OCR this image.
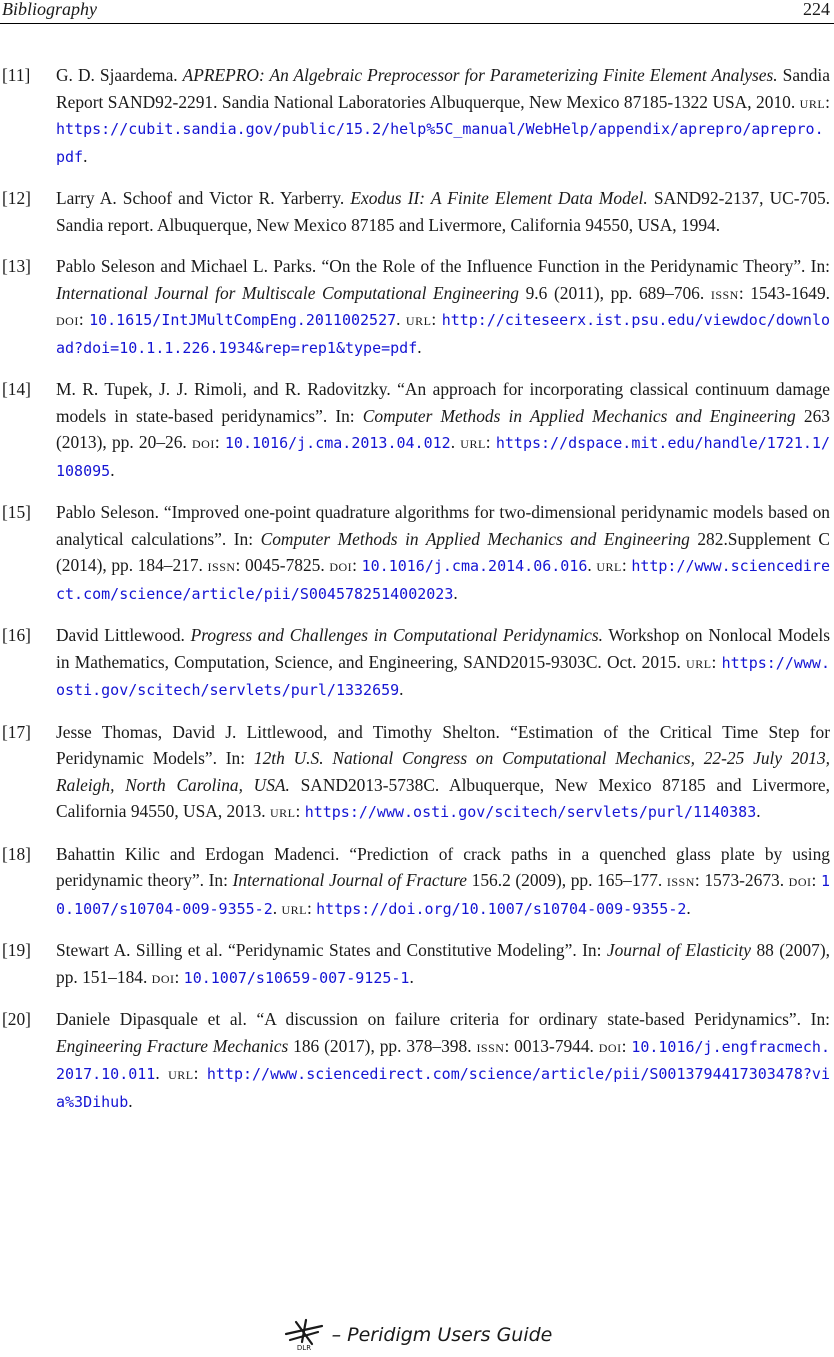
Bibliography	224
[11] G. D. Sjaardema. APREPRO: An Algebraic Preprocessor for Parameterizing Finite Element Analyses. Sandia Report SAND92-2291. Sandia National Laboratories Albuquerque, New Mexico 87185-1322 USA, 2010. url: https://cubit.sandia.gov/public/15.2/help%5C_manual/WebHelp/appendix/aprepro/aprepro.pdf.
[12] Larry A. Schoof and Victor R. Yarberry. Exodus II: A Finite Element Data Model. SAND92-2137, UC-705. Sandia report. Albuquerque, New Mexico 87185 and Livermore, California 94550, USA, 1994.
[13] Pablo Seleson and Michael L. Parks. “On the Role of the Influence Function in the Peridynamic Theory”. In: International Journal for Multiscale Computational Engineering 9.6 (2011), pp. 689–706. issn: 1543-1649. doi: 10.1615/IntJMultCompEng.2011002527. url: http://citeseerx.ist.psu.edu/viewdoc/download?doi=10.1.1.226.1934&rep=rep1&type=pdf.
[14] M. R. Tupek, J. J. Rimoli, and R. Radovitzky. “An approach for incorporating classical continuum damage models in state-based peridynamics”. In: Computer Methods in Applied Mechanics and Engineering 263 (2013), pp. 20–26. doi: 10.1016/j.cma.2013.04.012. url: https://dspace.mit.edu/handle/1721.1/108095.
[15] Pablo Seleson. “Improved one-point quadrature algorithms for two-dimensional peridynamic models based on analytical calculations”. In: Computer Methods in Applied Mechanics and Engineering 282.Supplement C (2014), pp. 184–217. issn: 0045-7825. doi: 10.1016/j.cma.2014.06.016. url: http://www.sciencedirect.com/science/article/pii/S0045782514002023.
[16] David Littlewood. Progress and Challenges in Computational Peridynamics. Workshop on Nonlocal Models in Mathematics, Computation, Science, and Engineering, SAND2015-9303C. Oct. 2015. url: https://www.osti.gov/scitech/servlets/purl/1332659.
[17] Jesse Thomas, David J. Littlewood, and Timothy Shelton. “Estimation of the Critical Time Step for Peridynamic Models”. In: 12th U.S. National Congress on Computational Mechanics, 22-25 July 2013, Raleigh, North Carolina, USA. SAND2013-5738C. Albuquerque, New Mexico 87185 and Livermore, California 94550, USA, 2013. url: https://www.osti.gov/scitech/servlets/purl/1140383.
[18] Bahattin Kilic and Erdogan Madenci. “Prediction of crack paths in a quenched glass plate by using peridynamic theory”. In: International Journal of Fracture 156.2 (2009), pp. 165–177. issn: 1573-2673. doi: 10.1007/s10704-009-9355-2. url: https://doi.org/10.1007/s10704-009-9355-2.
[19] Stewart A. Silling et al. “Peridynamic States and Constitutive Modeling”. In: Journal of Elasticity 88 (2007), pp. 151–184. doi: 10.1007/s10659-007-9125-1.
[20] Daniele Dipasquale et al. “A discussion on failure criteria for ordinary state-based Peridynamics”. In: Engineering Fracture Mechanics 186 (2017), pp. 378–398. issn: 0013-7944. doi: 10.1016/j.engfracmech.2017.10.011. url: http://www.sciencedirect.com/science/article/pii/S0013794417303478?via%3Dihub.
DLR
– Peridigm Users Guide
